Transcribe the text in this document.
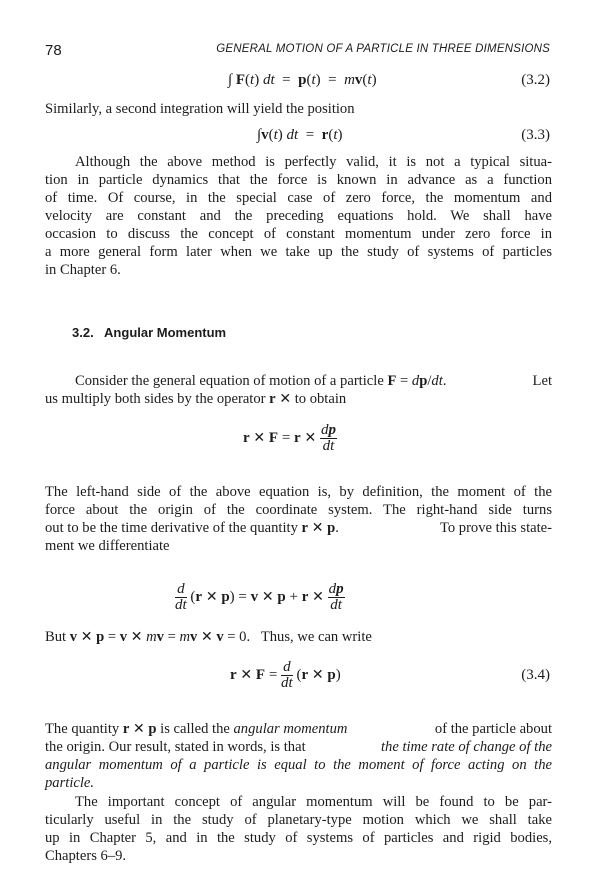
78	GENERAL MOTION OF A PARTICLE IN THREE DIMENSIONS
∫ F(t) dt  =  p(t)  =  mv(t)	(3.2)
Similarly, a second integration will yield the position
∫v(t) dt  =  r(t)	(3.3)
Although the above method is perfectly valid, it is not a typical situa-
tion in particle dynamics that the force is known in advance as a function
of time. Of course, in the special case of zero force, the momentum and
velocity are constant and the preceding equations hold. We shall have
occasion to discuss the concept of constant momentum under zero force in
a more general form later when we take up the study of systems of particles
in Chapter 6.
3.2. Angular Momentum
Consider the general equation of motion of a particle F = dp/dt.	Let
us multiply both sides by the operator r ✕ to obtain
r ✕ F = r ✕ $\frac{dp}{dt}$
The left-hand side of the above equation is, by definition, the moment of the
force about the origin of the coordinate system. The right-hand side turns
out to be the time derivative of the quantity r ✕ p.	To prove this state-
ment we differentiate
$\frac{d}{dt} (r$ ✕ p) = v ✕ p + r ✕ $\frac{dp}{dt}$
But v ✕ p = v ✕ mv = mv ✕ v = 0.   Thus, we can write
r ✕ $F = \frac{d}{dt} (r$ ✕ p)	(3.4)
The quantity r ✕ p is called the angular momentum	of the particle about
the origin. Our result, stated in words, is that	the time rate of change of the
angular momentum of a particle is equal to the moment of force acting on the
particle.
The important concept of angular momentum will be found to be par-
ticularly useful in the study of planetary-type motion which we shall take
up in Chapter 5, and in the study of systems of particles and rigid bodies,
Chapters 6–9.
